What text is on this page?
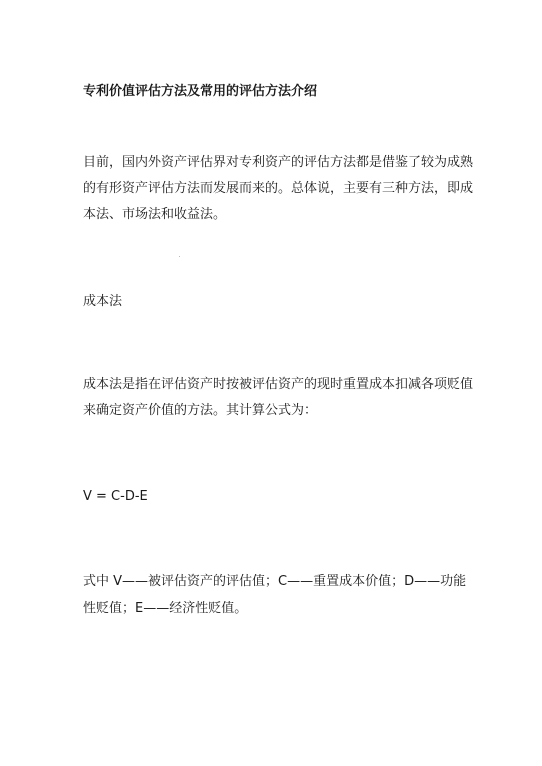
专利价值评估方法及常用的评估方法介绍

目前，国内外资产评估界对专利资产的评估方法都是借鉴了较为成熟的有形资产评估方法而发展而来的。总体说，主要有三种方法，即成本法、市场法和收益法。

成本法

成本法是指在评估资产时按被评估资产的现时重置成本扣减各项贬值来确定资产价值的方法。其计算公式为：

V = C-D-E

式中 V——被评估资产的评估值；C——重置成本价值；D——功能性贬值；E——经济性贬值。
